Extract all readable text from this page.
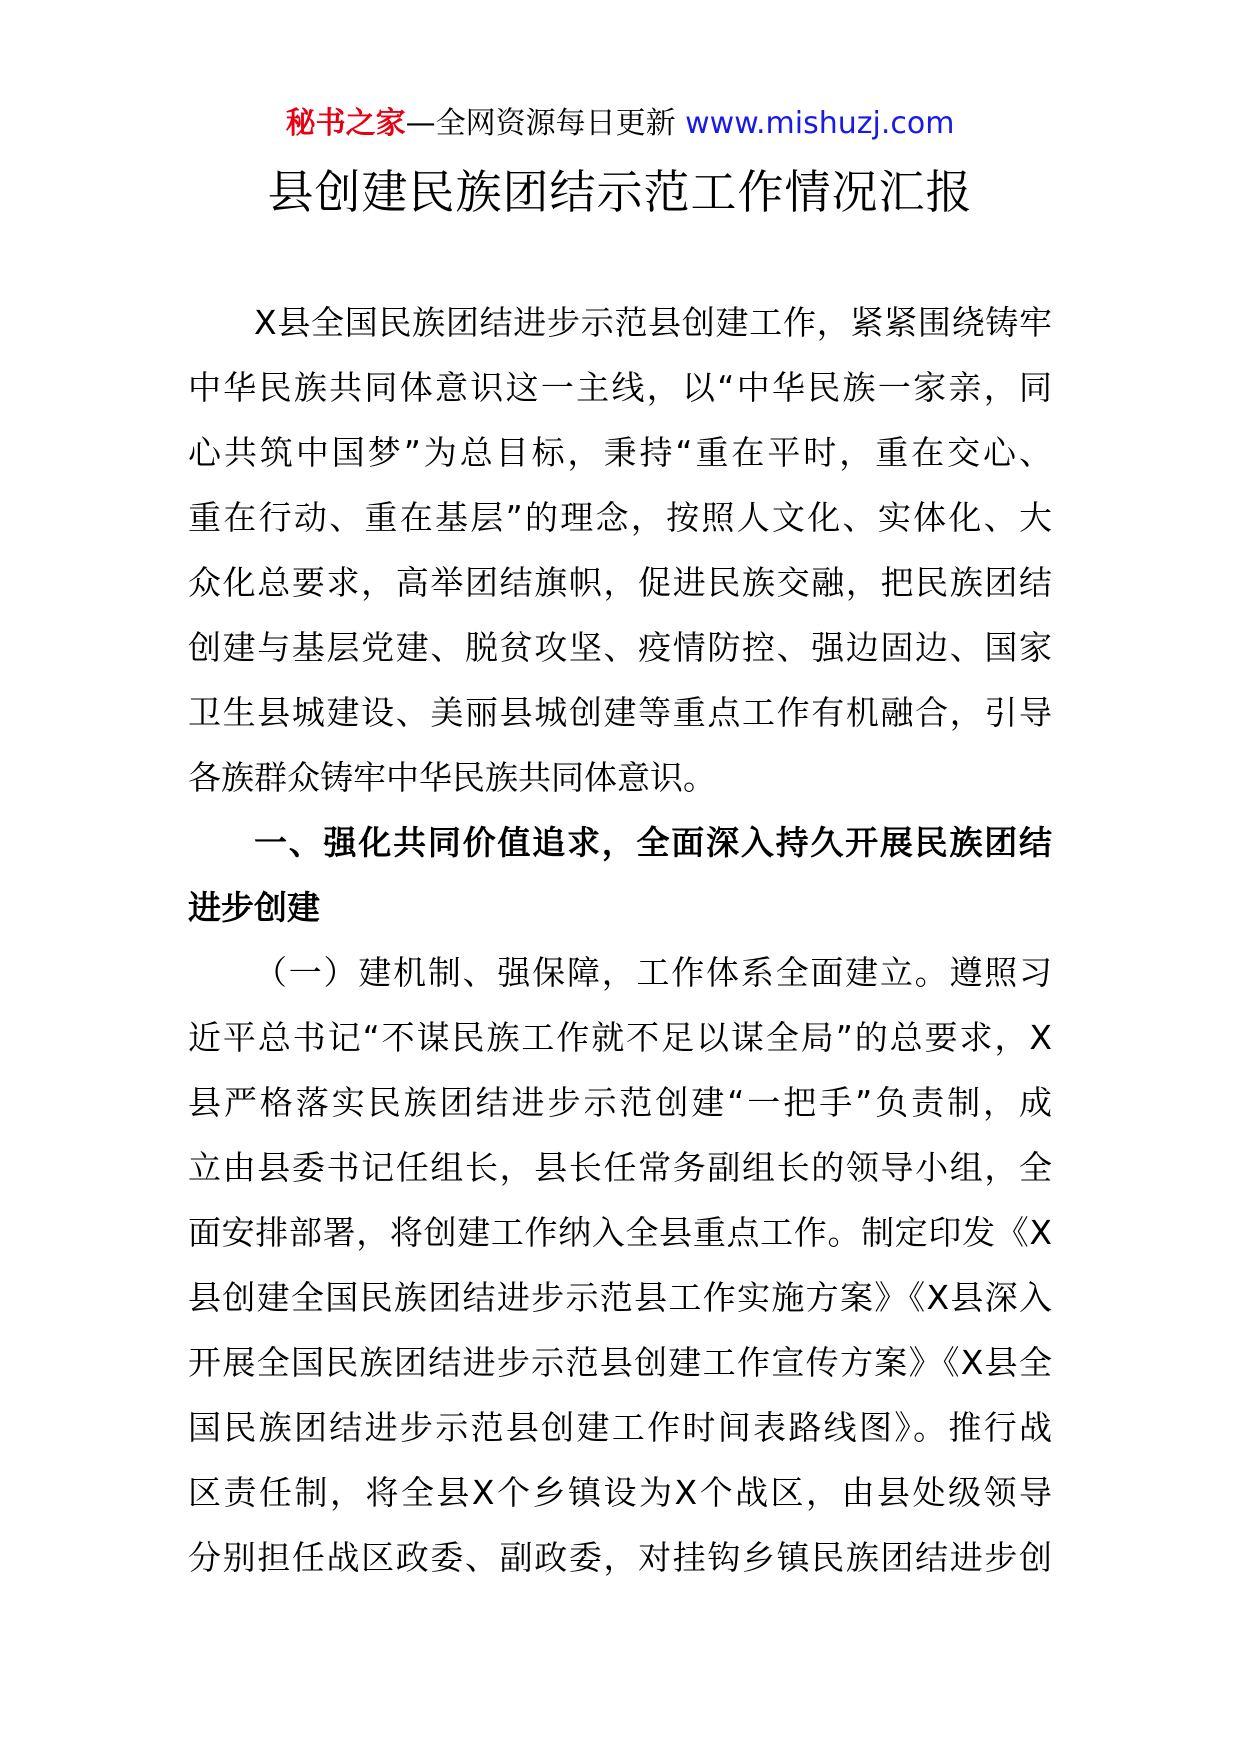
秘书之家—全网资源每日更新 www.mishuzj.com
县创建民族团结示范工作情况汇报
X县全国民族团结进步示范县创建工作，紧紧围绕铸牢
中华民族共同体意识这一主线，以“中华民族一家亲，同
心共筑中国梦”为总目标，秉持“重在平时，重在交心、
重在行动、重在基层”的理念，按照人文化、实体化、大
众化总要求，高举团结旗帜，促进民族交融，把民族团结
创建与基层党建、脱贫攻坚、疫情防控、强边固边、国家
卫生县城建设、美丽县城创建等重点工作有机融合，引导
各族群众铸牢中华民族共同体意识。
一、强化共同价值追求，全面深入持久开展民族团结
进步创建
（一）建机制、强保障，工作体系全面建立。遵照习
近平总书记“不谋民族工作就不足以谋全局”的总要求，X
县严格落实民族团结进步示范创建“一把手”负责制，成
立由县委书记任组长，县长任常务副组长的领导小组，全
面安排部署，将创建工作纳入全县重点工作。制定印发《X
县创建全国民族团结进步示范县工作实施方案》《X县深入
开展全国民族团结进步示范县创建工作宣传方案》《X县全
国民族团结进步示范县创建工作时间表路线图》。推行战
区责任制，将全县X个乡镇设为X个战区，由县处级领导
分别担任战区政委、副政委，对挂钩乡镇民族团结进步创
